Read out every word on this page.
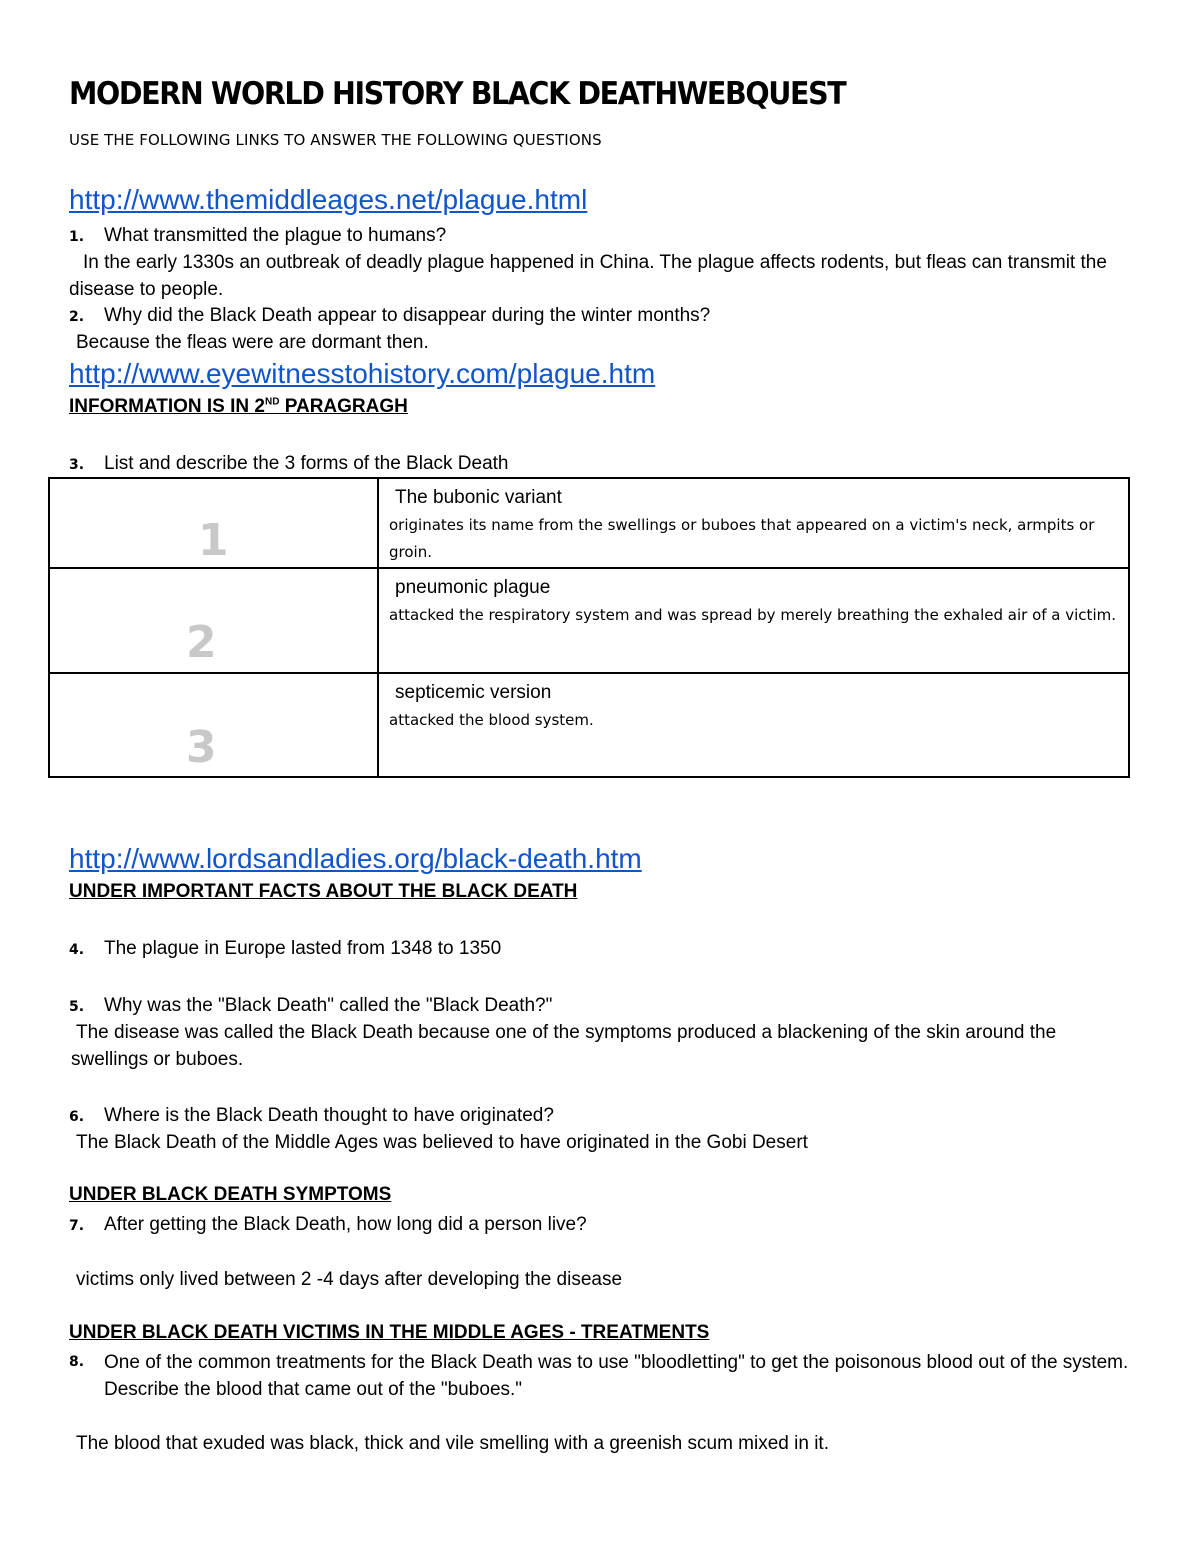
MODERN WORLD HISTORY BLACK DEATHWEBQUEST
USE THE FOLLOWING LINKS TO ANSWER THE FOLLOWING QUESTIONS
http://www.themiddleages.net/plague.html
1. What transmitted the plague to humans?
In the early 1330s an outbreak of deadly plague happened in China. The plague affects rodents, but fleas can transmit the disease to people.
2. Why did the Black Death appear to disappear during the winter months?
Because the fleas were are dormant then.
http://www.eyewitnesstohistory.com/plague.htm
INFORMATION IS IN 2ND PARAGRAGH
3. List and describe the 3 forms of the Black Death
1	The bubonic variant
originates its name from the swellings or buboes that appeared on a victim's neck, armpits or groin.

2	pneumonic plague
attacked the respiratory system and was spread by merely breathing the exhaled air of a victim.

3	septicemic version
attacked the blood system.
http://www.lordsandladies.org/black-death.htm
UNDER IMPORTANT FACTS ABOUT THE BLACK DEATH
4. The plague in Europe lasted from 1348 to 1350
5. Why was the "Black Death" called the "Black Death?"
The disease was called the Black Death because one of the symptoms produced a blackening of the skin around the swellings or buboes.
6. Where is the Black Death thought to have originated?
The Black Death of the Middle Ages was believed to have originated in the Gobi Desert
UNDER BLACK DEATH SYMPTOMS
7. After getting the Black Death, how long did a person live?
victims only lived between 2 -4 days after developing the disease
UNDER BLACK DEATH VICTIMS IN THE MIDDLE AGES - TREATMENTS
8. One of the common treatments for the Black Death was to use "bloodletting" to get the poisonous blood out of the system. Describe the blood that came out of the "buboes."
The blood that exuded was black, thick and vile smelling with a greenish scum mixed in it.
